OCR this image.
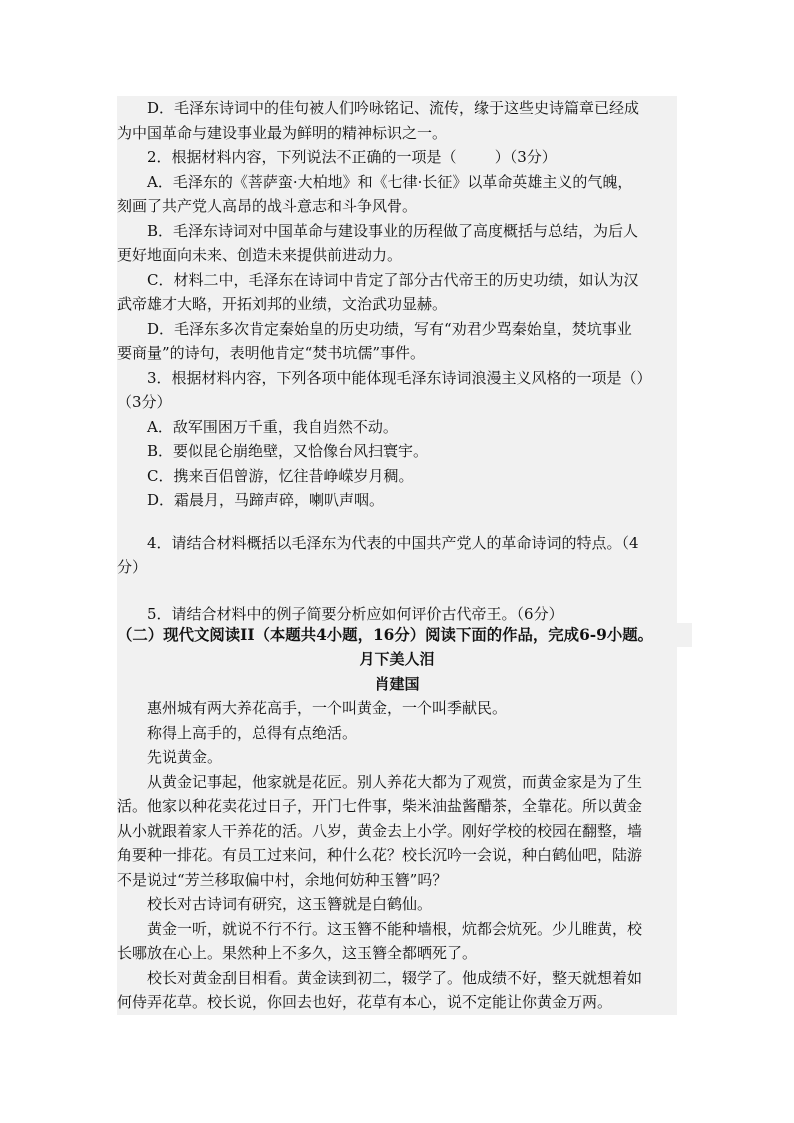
D．毛泽东诗词中的佳句被人们吟咏铭记、流传，缘于这些史诗篇章已经成

为中国革命与建设事业最为鲜明的精神标识之一。

2．根据材料内容，下列说法不正确的一项是（        ）（3分）

A．毛泽东的《菩萨蛮·大柏地》和《七律·长征》以革命英雄主义的气魄，

刻画了共产党人高昂的战斗意志和斗争风骨。

B．毛泽东诗词对中国革命与建设事业的历程做了高度概括与总结，为后人

更好地面向未来、创造未来提供前进动力。

C．材料二中，毛泽东在诗词中肯定了部分古代帝王的历史功绩，如认为汉

武帝雄才大略，开拓刘邦的业绩，文治武功显赫。

D．毛泽东多次肯定秦始皇的历史功绩，写有“劝君少骂秦始皇，焚坑事业

要商量”的诗句，表明他肯定“焚书坑儒”事件。

3．根据材料内容，下列各项中能体现毛泽东诗词浪漫主义风格的一项是（）

（3分）

A．敌军围困万千重，我自岿然不动。

B．要似昆仑崩绝壁，又恰像台风扫寰宇。

C．携来百侣曾游，忆往昔峥嵘岁月稠。

D．霜晨月，马蹄声碎，喇叭声咽。

4．请结合材料概括以毛泽东为代表的中国共产党人的革命诗词的特点。（4

分）

5．请结合材料中的例子简要分析应如何评价古代帝王。（6分）

（二）现代文阅读II（本题共4小题，16分）阅读下面的作品，完成6-9小题。

月下美人泪

肖建国

惠州城有两大养花高手，一个叫黄金，一个叫季献民。

称得上高手的，总得有点绝活。

先说黄金。

从黄金记事起，他家就是花匠。别人养花大都为了观赏，而黄金家是为了生

活。他家以种花卖花过日子，开门七件事，柴米油盐酱醋茶，全靠花。所以黄金

从小就跟着家人干养花的活。八岁，黄金去上小学。刚好学校的校园在翻整，墙

角要种一排花。有员工过来问，种什么花？校长沉吟一会说，种白鹤仙吧，陆游

不是说过“芳兰移取偏中村，余地何妨种玉簪”吗？

校长对古诗词有研究，这玉簪就是白鹤仙。

黄金一听，就说不行不行。这玉簪不能种墙根，炕都会炕死。少儿睢黄，校

长哪放在心上。果然种上不多久，这玉簪全都晒死了。

校长对黄金刮目相看。黄金读到初二，辍学了。他成绩不好，整天就想着如

何侍弄花草。校长说，你回去也好，花草有本心，说不定能让你黄金万两。
